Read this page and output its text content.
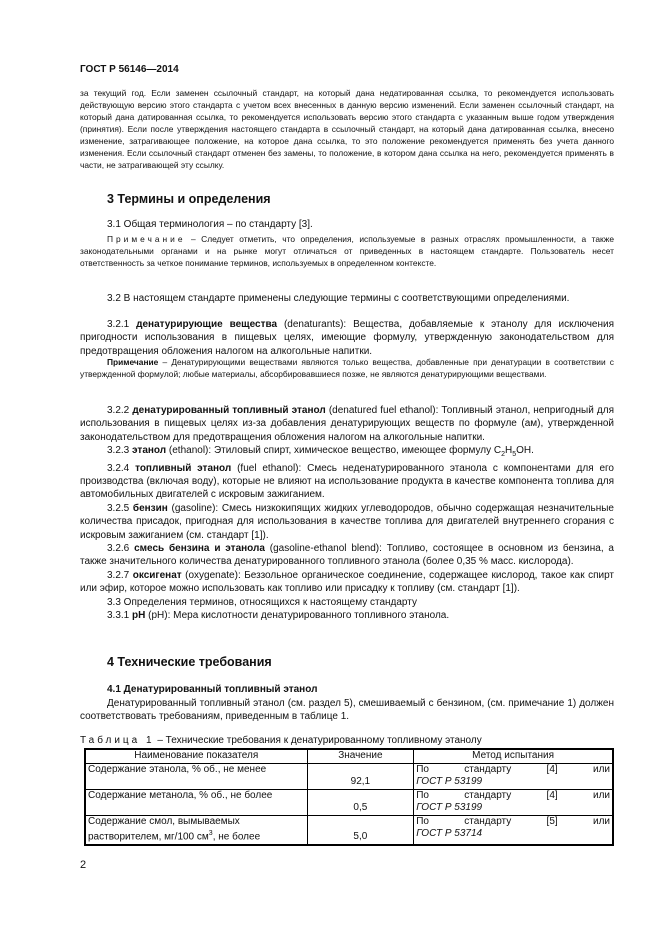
ГОСТ Р 56146—2014
за текущий год. Если заменен ссылочный стандарт, на который дана недатированная ссылка, то рекомендуется использовать действующую версию этого стандарта с учетом всех внесенных в данную версию изменений. Если заменен ссылочный стандарт, на который дана датированная ссылка, то рекомендуется использовать версию этого стандарта с указанным выше годом утверждения (принятия). Если после утверждения настоящего стандарта в ссылочный стандарт, на который дана датированная ссылка, внесено изменение, затрагивающее положение, на которое дана ссылка, то это положение рекомендуется применять без учета данного изменения. Если ссылочный стандарт отменен без замены, то положение, в котором дана ссылка на него, рекомендуется применять в части, не затрагивающей эту ссылку.
3 Термины и определения
3.1 Общая терминология – по стандарту [3].
Примечание – Следует отметить, что определения, используемые в разных отраслях промышленности, а также законодательными органами и на рынке могут отличаться от приведенных в настоящем стандарте. Пользователь несет ответственность за четкое понимание терминов, используемых в определенном контексте.
3.2 В настоящем стандарте применены следующие термины с соответствующими определениями.
3.2.1 денатурирующие вещества (denaturants): Вещества, добавляемые к этанолу для исключения пригодности использования в пищевых целях, имеющие формулу, утвержденную законодательством для предотвращения обложения налогом на алкогольные напитки.
Примечание – Денатурирующими веществами являются только вещества, добавленные при денатурации в соответствии с утвержденной формулой; любые материалы, абсорбировавшиеся позже, не являются денатурирующими веществами.

3.2.2 денатурированный топливный этанол (denatured fuel ethanol): Топливный этанол, непригодный для использования в пищевых целях из-за добавления денатурирующих веществ по формуле (ам), утвержденной законодательством для предотвращения обложения налогом на алкогольные напитки.

3.2.3 этанол (ethanol): Этиловый спирт, химическое вещество, имеющее формулу $C_2H_5OH$.

3.2.4 топливный этанол (fuel ethanol): Смесь неденатурированного этанола с компонентами для его производства (включая воду), которые не влияют на использование продукта в качестве компонента топлива для автомобильных двигателей с искровым зажиганием.

3.2.5 бензин (gasoline): Смесь низкокипящих жидких углеводородов, обычно содержащая незначительные количества присадок, пригодная для использования в качестве топлива для двигателей внутреннего сгорания с искровым зажиганием (см. стандарт [1]).

3.2.6 смесь бензина и этанола (gasoline-ethanol blend): Топливо, состоящее в основном из бензина, а также значительного количества денатурированного топливного этанола (более 0,35 % масс. кислорода).

3.2.7 оксигенат (oxygenate): Беззольное органическое соединение, содержащее кислород, такое как спирт или эфир, которое можно использовать как топливо или присадку к топливу (см. стандарт [1]).

3.3 Определения терминов, относящихся к настоящему стандарту

3.3.1 pH (pH): Мера кислотности денатурированного топливного этанола.

4 Технические требования
4.1 Денатурированный топливный этанол
Денатурированный топливный этанол (см. раздел 5), смешиваемый с бензином, (см. примечание 1) должен соответствовать требованиям, приведенным в таблице 1.
Таблица 1 – Технические требования к денатурированному топливному этанолу
Наименование показателя	Значение	Метод испытания
Содержание этанола, % об., не менее	92,1	По стандарту [4] или
ГОСТ Р 53199

Содержание метанола, % об., не более	0,5	По стандарту [4] или
ГОСТ Р 53199

Содержание смол, вымываемых растворителем, мг/100 $см^3$, не более	5,0	По стандарту [5] или
ГОСТ Р 53714
2
